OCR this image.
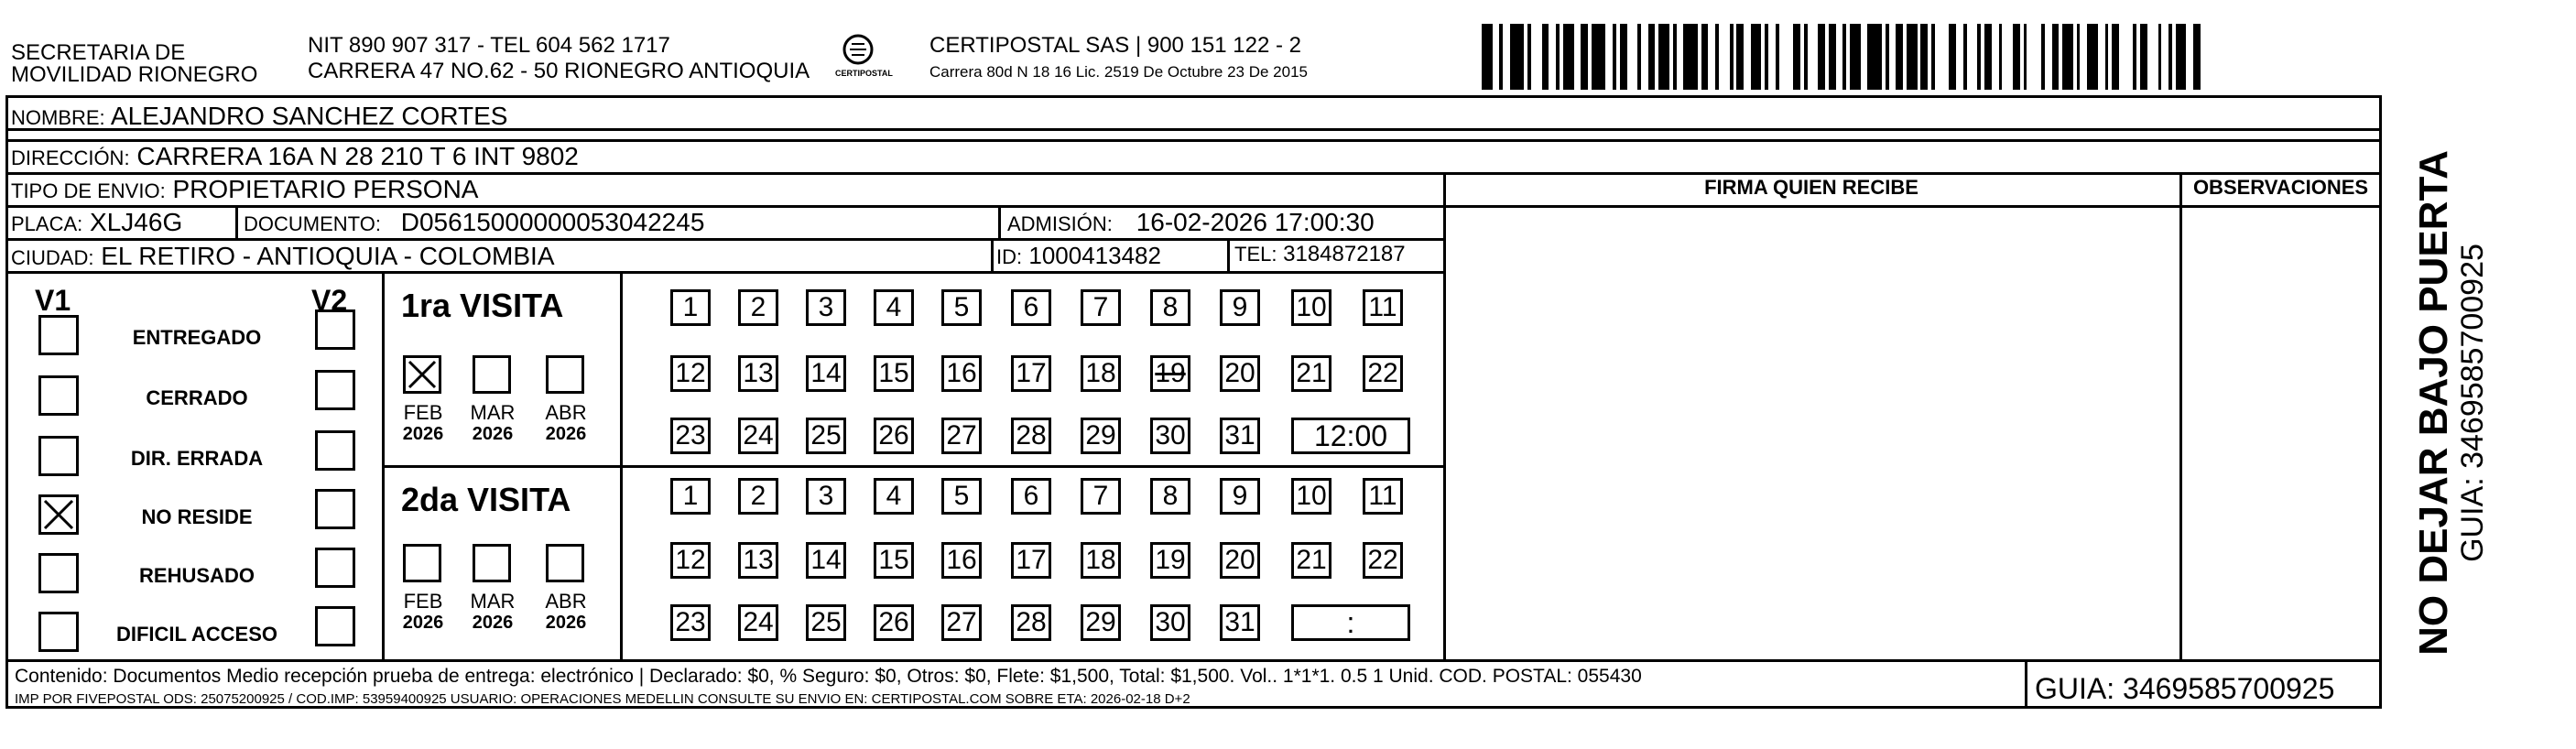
SECRETARIA DE
MOVILIDAD RIONEGRO
NIT 890 907 317 - TEL 604 562 1717
CARRERA 47 NO.62 - 50 RIONEGRO ANTIOQUIA	CERTIPOSTAL
CERTIPOSTAL SAS | 900 151 122 - 2
Carrera 80d N 18 16 Lic. 2519 De Octubre 23 De 2015
NOMBRE: ALEJANDRO SANCHEZ CORTES
DIRECCIÓN: CARRERA 16A N 28 210 T 6 INT 9802
TIPO DE ENVIO: PROPIETARIO PERSONA
PLACA: XLJ46G	DOCUMENTO: D05615000000053042245	ADMISIÓN: 16-02-2026 17:00:30
CIUDAD: EL RETIRO - ANTIOQUIA - COLOMBIA	ID: 1000413482	TEL: 3184872187
FIRMA QUIEN RECIBE	OBSERVACIONES
V1	V2
ENTREGADO
CERRADO
DIR. ERRADA
NO RESIDE
REHUSADO
DIFICIL ACCESO
1ra VISITA
2da VISITA
FEB
2026
MAR
2026
ABR
2026
FEB
2026
MAR
2026
ABR
2026
1	2	3	4	5	6	7	8	9	10 11
12 13 14 15 16 17 18 19 20 21 22
23 24 25 26 27 28 29 30 31	12:00
1	2	3	4	5	6	7	8	9	10 11
12 13 14 15 16 17 18 19 20 21 22
23 24 25 26 27 28 29 30 31	:
Contenido: Documentos Medio recepción prueba de entrega: electrónico | Declarado: $0, % Seguro: $0, Otros: $0, Flete: $1,500, Total: $1,500. Vol.. 1*1*1. 0.5 1 Unid. COD. POSTAL: 055430
IMP POR FIVEPOSTAL ODS: 25075200925 / COD.IMP: 53959400925 USUARIO: OPERACIONES MEDELLIN CONSULTE SU ENVIO EN: CERTIPOSTAL.COM SOBRE ETA: 2026-02-18 D+2	GUIA: 3469585700925
NO DEJAR BAJO PUERTA GUIA: 3469585700925
